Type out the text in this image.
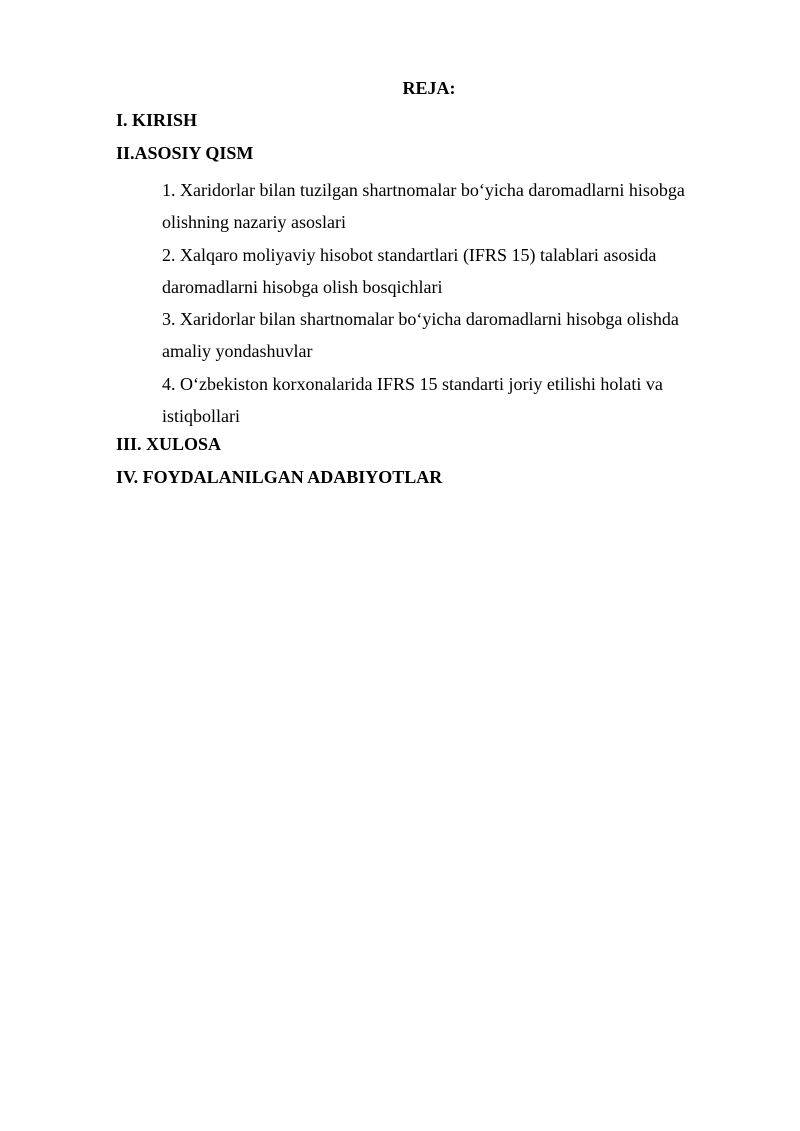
REJA:
I. KIRISH
II.ASOSIY QISM
1. Xaridorlar bilan tuzilgan shartnomalar bo‘yicha daromadlarni hisobga olishning nazariy asoslari
2. Xalqaro moliyaviy hisobot standartlari (IFRS 15) talablari asosida daromadlarni hisobga olish bosqichlari
3. Xaridorlar bilan shartnomalar bo‘yicha daromadlarni hisobga olishda amaliy yondashuvlar
4. O‘zbekiston korxonalarida IFRS 15 standarti joriy etilishi holati va istiqbollari
III. XULOSA
IV. FOYDALANILGAN ADABIYOTLAR
